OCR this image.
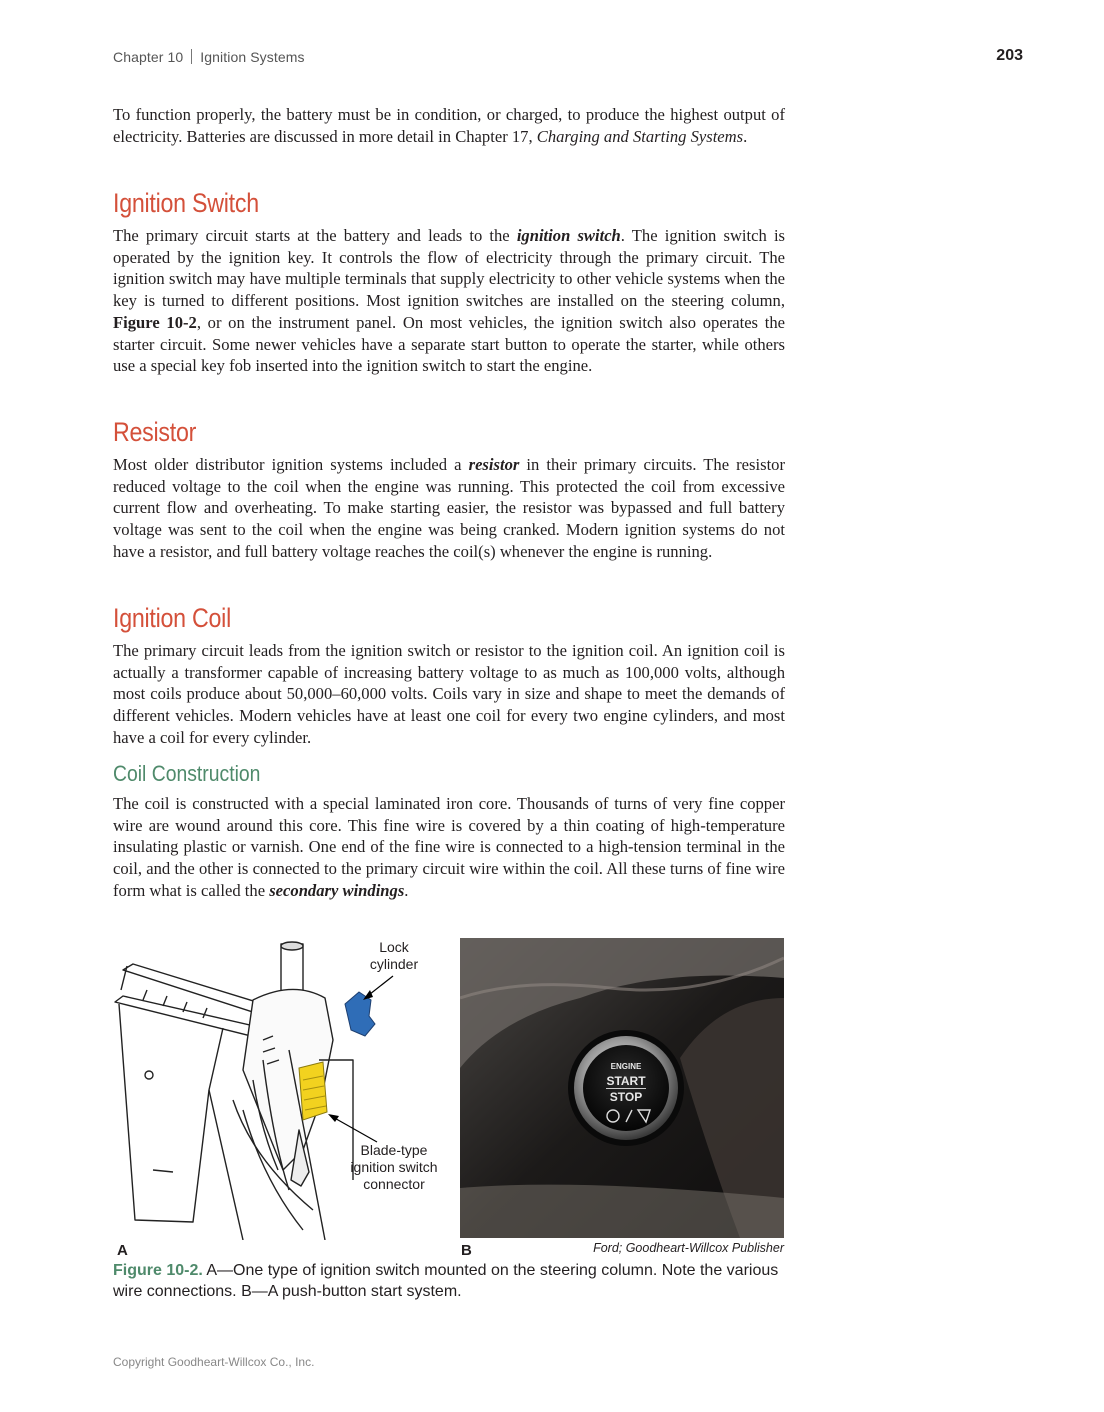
Chapter 10 Ignition Systems	203

To function properly, the battery must be in condition, or charged, to produce the highest output of electricity. Batteries are discussed in more detail in Chapter 17, Charging and Starting Systems.

Ignition Switch

The primary circuit starts at the battery and leads to the ignition switch. The ignition switch is operated by the ignition key. It controls the flow of electricity through the primary circuit. The ignition switch may have multiple terminals that supply electricity to other vehicle systems when the key is turned to different positions. Most ignition switches are installed on the steering column, Figure 10-2, or on the instrument panel. On most vehicles, the ignition switch also operates the starter circuit. Some newer vehicles have a separate start button to operate the starter, while others use a special key fob inserted into the ignition switch to start the engine.

Resistor

Most older distributor ignition systems included a resistor in their primary circuits. The resistor reduced voltage to the coil when the engine was running. This protected the coil from excessive current flow and overheating. To make starting easier, the resistor was bypassed and full battery voltage was sent to the coil when the engine was being cranked. Modern ignition systems do not have a resistor, and full battery voltage reaches the coil(s) whenever the engine is running.

Ignition Coil

The primary circuit leads from the ignition switch or resistor to the ignition coil. An ignition coil is actually a transformer capable of increasing battery voltage to as much as 100,000 volts, although most coils produce about 50,000–60,000 volts. Coils vary in size and shape to meet the demands of different vehicles. Modern vehicles have at least one coil for every two engine cylinders, and most have a coil for every cylinder.

Coil Construction

The coil is constructed with a special laminated iron core. Thousands of turns of very fine copper wire are wound around this core. This fine wire is covered by a thin coating of high-temperature insulating plastic or varnish. One end of the fine wire is connected to a high-tension terminal in the coil, and the other is connected to the primary circuit wire within the coil. All these turns of fine wire form what is called the secondary windings.

Lock
cylinder
Blade-type
ignition switch
connector
A
ENGINE
START
STOP
B	Ford; Goodheart-Willcox Publisher
Figure 10-2. A—One type of ignition switch mounted on the steering column. Note the various wire connections. B—A push-button start system.
Copyright Goodheart-Willcox Co., Inc.
